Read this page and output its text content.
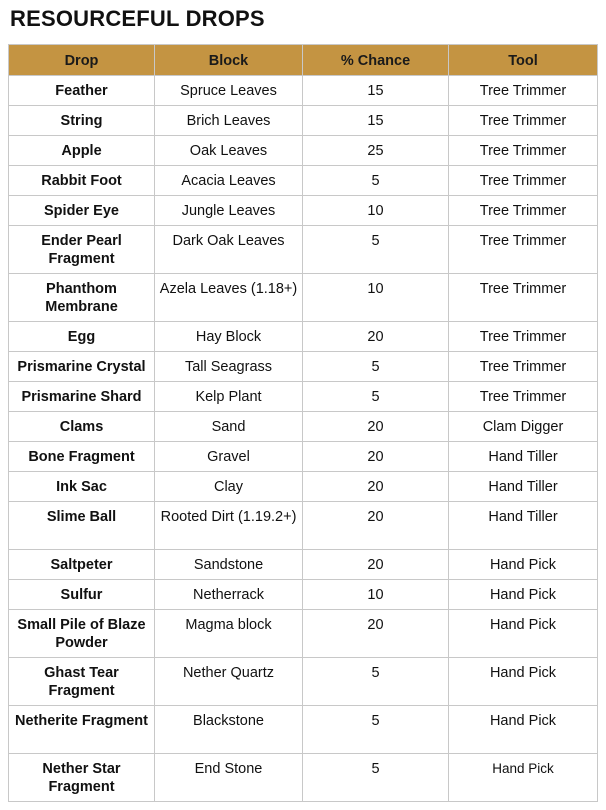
RESOURCEFUL DROPS
Drop	Block	% Chance	Tool
Feather	Spruce Leaves	15	Tree Trimmer
String	Brich Leaves	15	Tree Trimmer
Apple	Oak Leaves	25	Tree Trimmer
Rabbit Foot	Acacia Leaves	5	Tree Trimmer
Spider Eye	Jungle Leaves	10	Tree Trimmer
Ender Pearl Fragment	Dark Oak Leaves	5	Tree Trimmer
Phanthom Membrane	Azela Leaves (1.18+)	10	Tree Trimmer
Egg	Hay Block	20	Tree Trimmer
Prismarine Crystal	Tall Seagrass	5	Tree Trimmer
Prismarine Shard	Kelp Plant	5	Tree Trimmer
Clams	Sand	20	Clam Digger
Bone Fragment	Gravel	20	Hand Tiller
Ink Sac	Clay	20	Hand Tiller
Slime Ball	Rooted Dirt (1.19.2+)	20	Hand Tiller
Saltpeter	Sandstone	20	Hand Pick
Sulfur	Netherrack	10	Hand Pick
Small Pile of Blaze Powder	Magma block	20	Hand Pick
Ghast Tear Fragment	Nether Quartz	5	Hand Pick
Netherite Fragment	Blackstone	5	Hand Pick
Nether Star Fragment	End Stone	5	Hand Pick
